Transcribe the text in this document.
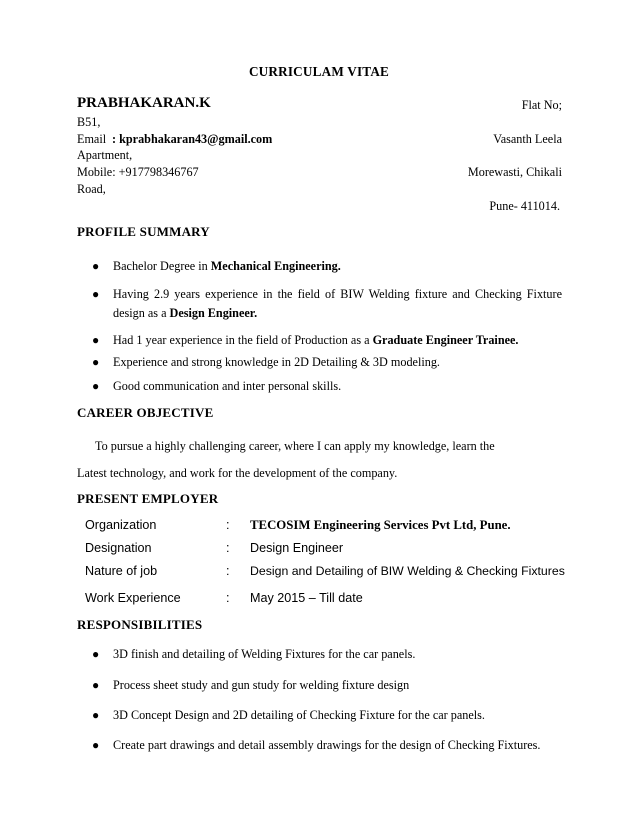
CURRICULAM VITAE
PRABHAKARAN.K	Flat No;
B51,
Email : kprabhakaran43@gmail.com	Vasanth Leela
Apartment,
Mobile: +917798346767	Morewasti, Chikali
Road,
Pune- 411014.
PROFILE SUMMARY
● Bachelor Degree in Mechanical Engineering.
● Having 2.9 years experience in the field of BIW Welding fixture and Checking Fixture
design as a Design Engineer.
● Had 1 year experience in the field of Production as a Graduate Engineer Trainee.
● Experience and strong knowledge in 2D Detailing & 3D modeling.
● Good communication and inter personal skills.
CAREER OBJECTIVE
To pursue a highly challenging career, where I can apply my knowledge, learn the
Latest technology, and work for the development of the company.
PRESENT EMPLOYER
Organization	: TECOSIM Engineering Services Pvt Ltd, Pune.
Designation	: Design Engineer
Nature of job	: Design and Detailing of BIW Welding & Checking Fixtures
Work Experience	: May 2015 – Till date
RESPONSIBILITIES
● 3D finish and detailing of Welding Fixtures for the car panels.
● Process sheet study and gun study for welding fixture design
● 3D Concept Design and 2D detailing of Checking Fixture for the car panels.
● Create part drawings and detail assembly drawings for the design of Checking Fixtures.
